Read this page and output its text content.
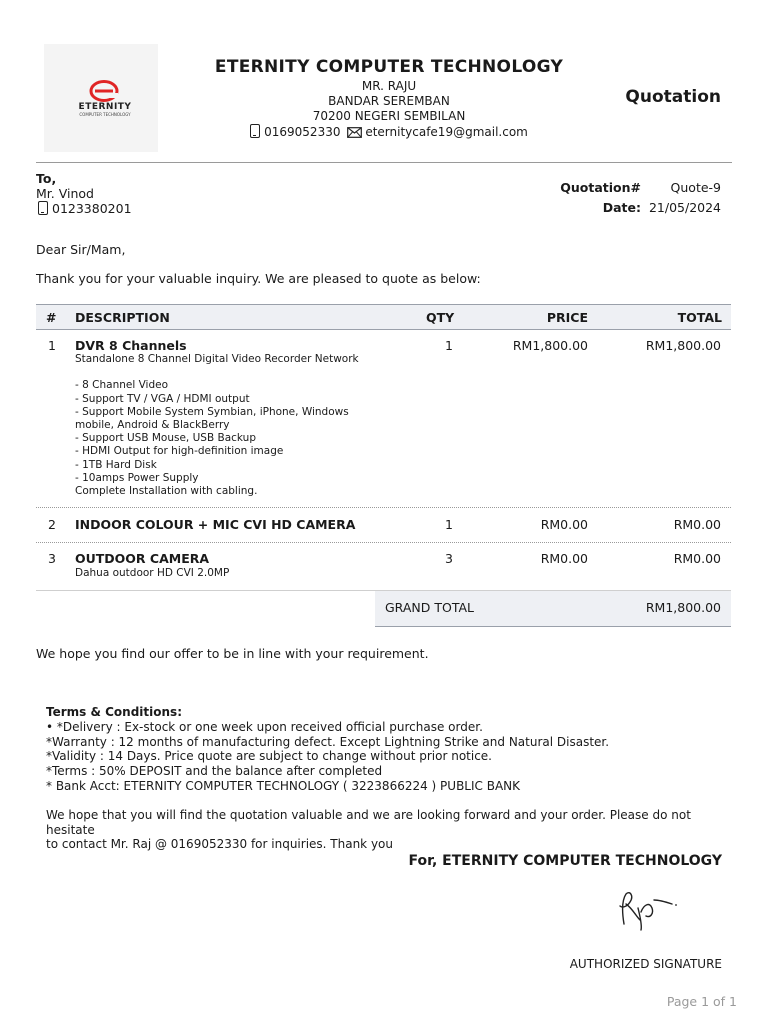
ETERNITY
COMPUTER TECHNOLOGY
ETERNITY COMPUTER TECHNOLOGY
MR. RAJU
BANDAR SEREMBAN
70200 NEGERI SEMBILAN
0169052330 eternitycafe19@gmail.com
Quotation
To,
Mr. Vinod
0123380201
Quotation# Quote-9
Date: 21/05/2024
Dear Sir/Mam,
Thank you for your valuable inquiry. We are pleased to quote as below:
# DESCRIPTION	QTY	PRICE	TOTAL
1 DVR 8 Channels
Standalone 8 Channel Digital Video Recorder Network

- 8 Channel Video
- Support TV / VGA / HDMI output
- Support Mobile System Symbian, iPhone, Windows
mobile, Android & BlackBerry
- Support USB Mouse, USB Backup
- HDMI Output for high-definition image
- 1TB Hard Disk
- 10amps Power Supply
Complete Installation with cabling.
1	RM1,800.00	RM1,800.00
2 INDOOR COLOUR + MIC CVI HD CAMERA	1	RM0.00	RM0.00
3 OUTDOOR CAMERA
Dahua outdoor HD CVI 2.0MP
3	RM0.00	RM0.00
GRAND TOTAL	RM1,800.00
We hope you find our offer to be in line with your requirement.
Terms & Conditions:
• *Delivery : Ex-stock or one week upon received official purchase order.
*Warranty : 12 months of manufacturing defect. Except Lightning Strike and Natural Disaster.
*Validity : 14 Days. Price quote are subject to change without prior notice.
*Terms : 50% DEPOSIT and the balance after completed
* Bank Acct: ETERNITY COMPUTER TECHNOLOGY ( 3223866224 ) PUBLIC BANK
We hope that you will find the quotation valuable and we are looking forward and your order. Please do not hesitate
to contact Mr. Raj @ 0169052330 for inquiries. Thank you
For, ETERNITY COMPUTER TECHNOLOGY
AUTHORIZED SIGNATURE
Page 1 of 1
